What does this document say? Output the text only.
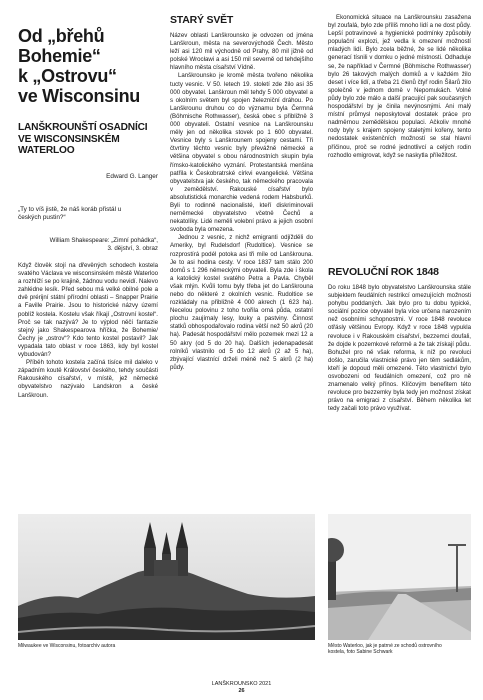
Od „břehů Bohemie“

k „Ostrovu“

ve Wisconsinu

LANŠKROUNŠTÍ OSADNÍCI VE WISCONSINSKÉM WATERLOO

Edward G. Langer

„Ty to víš jistě, že náš koráb přistál u českých pustin?“

William Shakespeare: „Zimní pohádka“,

3. dějství, 3. obraz

Když člověk stojí na dřevěných schodech kostela svatého Václava ve wisconsinském městě Waterloo a rozhlíží se po krajině, žádnou vodu nevidí. Nalevo zahlédne lesík. Před sebou má velké obilné pole a dvě prérijní státní přírodní oblasti – Snapper Prairie a Faville Prairie. Jsou to historické názvy území poblíž kostela. Kostelu však říkají „Ostrovní kostel“. Proč se tak nazývá? Je to výplod něčí fantazie stejný jako Shakespearova hříčka, že Bohemie/Čechy je „ostrov“? Kdo tento kostel postavil? Jak vypadala tato oblast v roce 1863, kdy byl kostel vybudován?

Příběh tohoto kostela začíná tisíce mil daleko v západním koutě Království českého, tehdy součásti Rakouského císařství, v místě, jež německé obyvatelstvo nazývalo Landskron a české Lanškroun.

STARÝ SVĚT

Název oblasti Lanškrounsko je odvozen od jména Lanškroun, města na severovýchodě Čech. Město leží asi 120 mil východně od Prahy, 80 mil jižně od polské Wrocławi a asi 150 mil severně od tehdejšího hlavního města císařství Vídně.

Lanškrounsko je kromě města tvořeno několika tucty vesnic. V 50. letech 19. století zde žilo asi 35 000 obyvatel. Lanškroun měl tehdy 5 000 obyvatel a s okolním světem byl spojen železniční dráhou. Po Lanškrounu druhou co do významu byla Čermná (Böhmische Rothwasser), česká obec s přibližně 3 000 obyvateli. Ostatní vesnice na Lanškrounsku měly jen od několika stovek po 1 600 obyvatel. Vesnice byly s Lanškrounem spojeny cestami. Tři čtvrtiny těchto vesnic byly převážně německé a většina obyvatel s obou národnostních skupin byla římsko-katolického vyznání. Protestantská menšina patřila k Českobratrské církvi evangelické. Většina obyvatelstva jak českého, tak německého pracovala v zemědělství. Rakouské císařství bylo absolutistická monarchie vedená rodem Habsburků. Byli to rodinně nacionalisté, kteří diskriminovali nerněmecké obyvatelstvo včetně Čechů a nekatolíky. Lidé neměli volební právo a jejich osobní svoboda byla omezena.

Jednou z vesnic, z nichž emigranti odjížděli do Ameriky, byl Rudelsdorf (Rudoltice). Vesnice se rozprostírá podél potoka asi tři míle od Lanškrouna. Je to asi hodina cesty. V roce 1837 tam stálo 200 domů s 1 296 německými obyvateli. Byla zde i škola a katolický kostel svatého Petra a Pavla. Chyběl však mlýn. Kvůli tomu byly třeba jet do Lanškrouna nebo do některé z okolních vesnic. Rudoltice se rozkládaly na přibližně 4 000 akrech (1 623 ha). Necelou polovinu z toho tvořila orná půda, ostatní plochu zaujímaly lesy, louky a pastviny. Činnost statků obhospodařovalo rodina větší než 50 akrů (20 ha). Padesát hospodářství mělo pozemek mezi 12 a 50 akry (od 5 do 20 ha). Dalších jedenapadesát rolníků vlastnilo od 5 do 12 akrů (2 až 5 ha), zbývající vlastnící drželi méně než 5 akrů (2 ha) půdy.

Ekonomická situace na Lanškrounsku zasažena byl zoufalá, bylo zde příliš mnoho lidí a ne dost půdy. Lepší potravinové a hygienické podmínky způsobily populační explozi, jež vedla k omezení možností mladých lidí. Bylo zcela běžné, že se lidé několika generací tísnili v domku o jedné místnosti. Odhaduje se, že například v Čermné (Böhmische Rothwasser) bylo 26 takových malých domků a v každém žilo deset i více lidí, a třeba 21 členů čtyř rodin Šilarů žilo společně v jednom domě v Nepomukách. Volné půdy bylo zde málo a další pracující pak současných hospodářství by je činila nevýnosnými. Ani malý místní průmysl neposkytoval dostatek práce pro nadměrnou zemědělskou populaci. Ačkoliv mnohé rody byly s krajem spojeny staletými kořeny, tento nedostatek existenčních možností se stal hlavní příčinou, proč se rodné jednotlivcí a celých rodin rozhodlo emigrovat, když se naskytla příležitost.

REVOLUČNÍ ROK 1848

Do roku 1848 bylo obyvatelstvo Lanškrounska stále subjektem feudálních restrikcí omezujících možnosti pohybu poddaných. Jak bylo pro tu dobu typické, sociální pozice obyvatel byla více určena narozením než osobními schopnostmi. V roce 1848 revoluce otřásly většinou Evropy. Když v roce 1848 vypukla revoluce i v Rakouském císařství, bezzemci doufali, že dojde k pozemkové reformě a že tak získají půdu. Bohužel pro ně však reforma, k níž po revoluci došlo, zaručila vlastnické právo jen těm sedlákům, kteří je dopoud měli omezené. Této vlastnictví bylo osvobozeni od feudálních omezení, což pro ně znamenalo velký přínos. Klíčovým benefitem této revoluce pro bezzemky byla tedy jen možnost získat právo na emigraci z císařství. Během několika let tedy začali toto právo využívat.

Milwaukee ve Wisconsinu, fotoarchiv autora	Město Waterloo, jak je patrné ze schodů ostrovního

kostela, foto Sabine Schwark

LANŠKROUNSKO 2021

26
